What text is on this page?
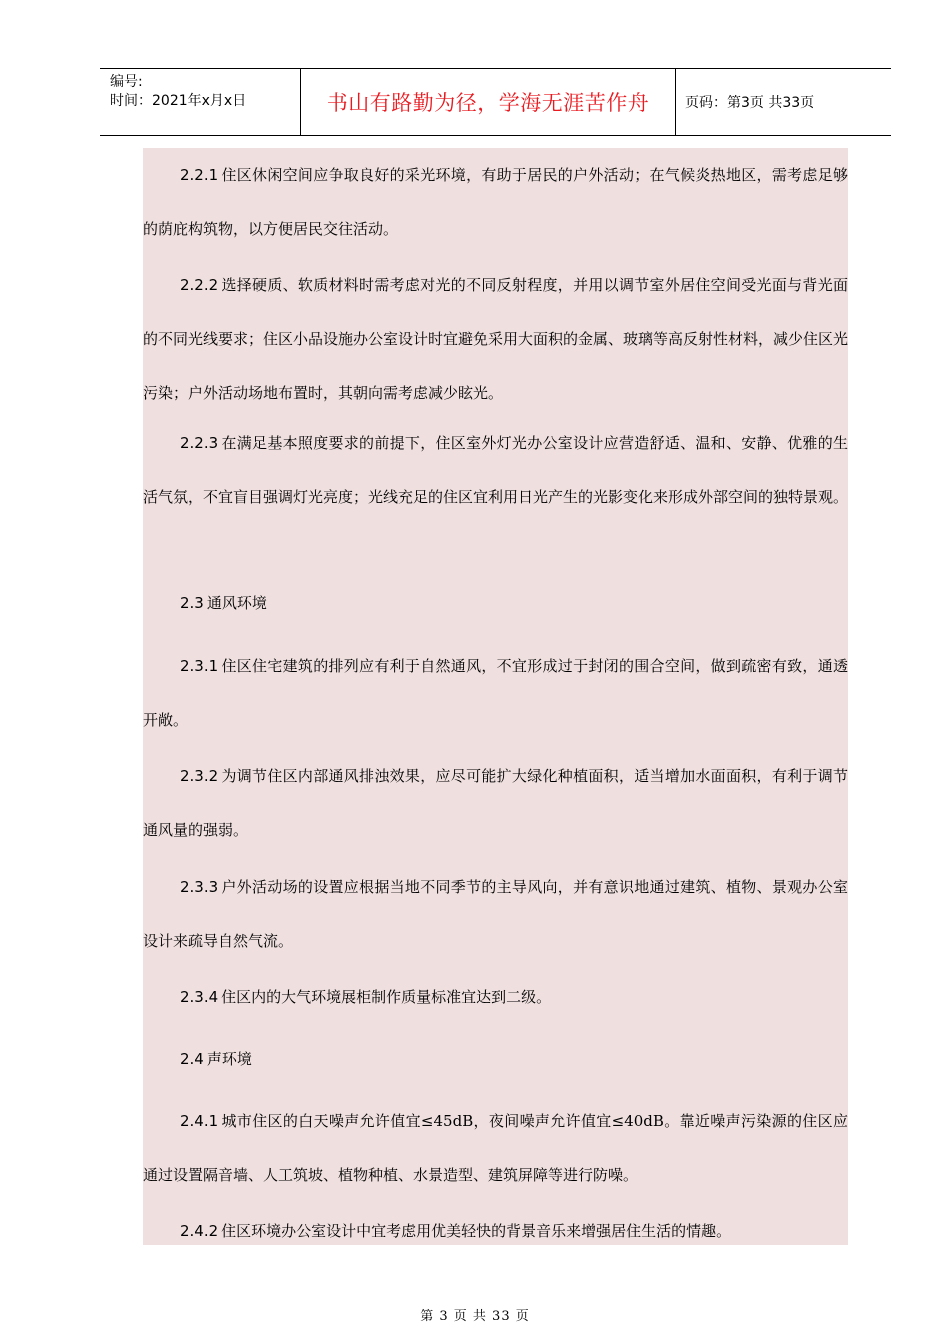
编号:
时间：2021年x月x日	书山有路勤为径，学海无涯苦作舟	页码：第3页 共33页

2.2.1 住区休闲空间应争取良好的采光环境，有助于居民的户外活动；在气候炎热地区，需考虑足够的荫庇构筑物，以方便居民交往活动。

2.2.2 选择硬质、软质材料时需考虑对光的不同反射程度，并用以调节室外居住空间受光面与背光面的不同光线要求；住区小品设施办公室设计时宜避免采用大面积的金属、玻璃等高反射性材料，减少住区光污染；户外活动场地布置时，其朝向需考虑减少眩光。

2.2.3 在满足基本照度要求的前提下，住区室外灯光办公室设计应营造舒适、温和、安静、优雅的生活气氛，不宜盲目强调灯光亮度；光线充足的住区宜利用日光产生的光影变化来形成外部空间的独特景观。

2.3 通风环境

2.3.1 住区住宅建筑的排列应有利于自然通风，不宜形成过于封闭的围合空间，做到疏密有致，通透开敞。

2.3.2 为调节住区内部通风排浊效果，应尽可能扩大绿化种植面积，适当增加水面面积，有利于调节通风量的强弱。

2.3.3 户外活动场的设置应根据当地不同季节的主导风向，并有意识地通过建筑、植物、景观办公室设计来疏导自然气流。

2.3.4 住区内的大气环境展柜制作质量标准宜达到二级。

2.4 声环境

2.4.1 城市住区的白天噪声允许值宜≤45dB，夜间噪声允许值宜≤40dB。靠近噪声污染源的住区应通过设置隔音墙、人工筑坡、植物种植、水景造型、建筑屏障等进行防噪。

2.4.2 住区环境办公室设计中宜考虑用优美轻快的背景音乐来增强居住生活的情趣。

第 3 页 共 33 页
